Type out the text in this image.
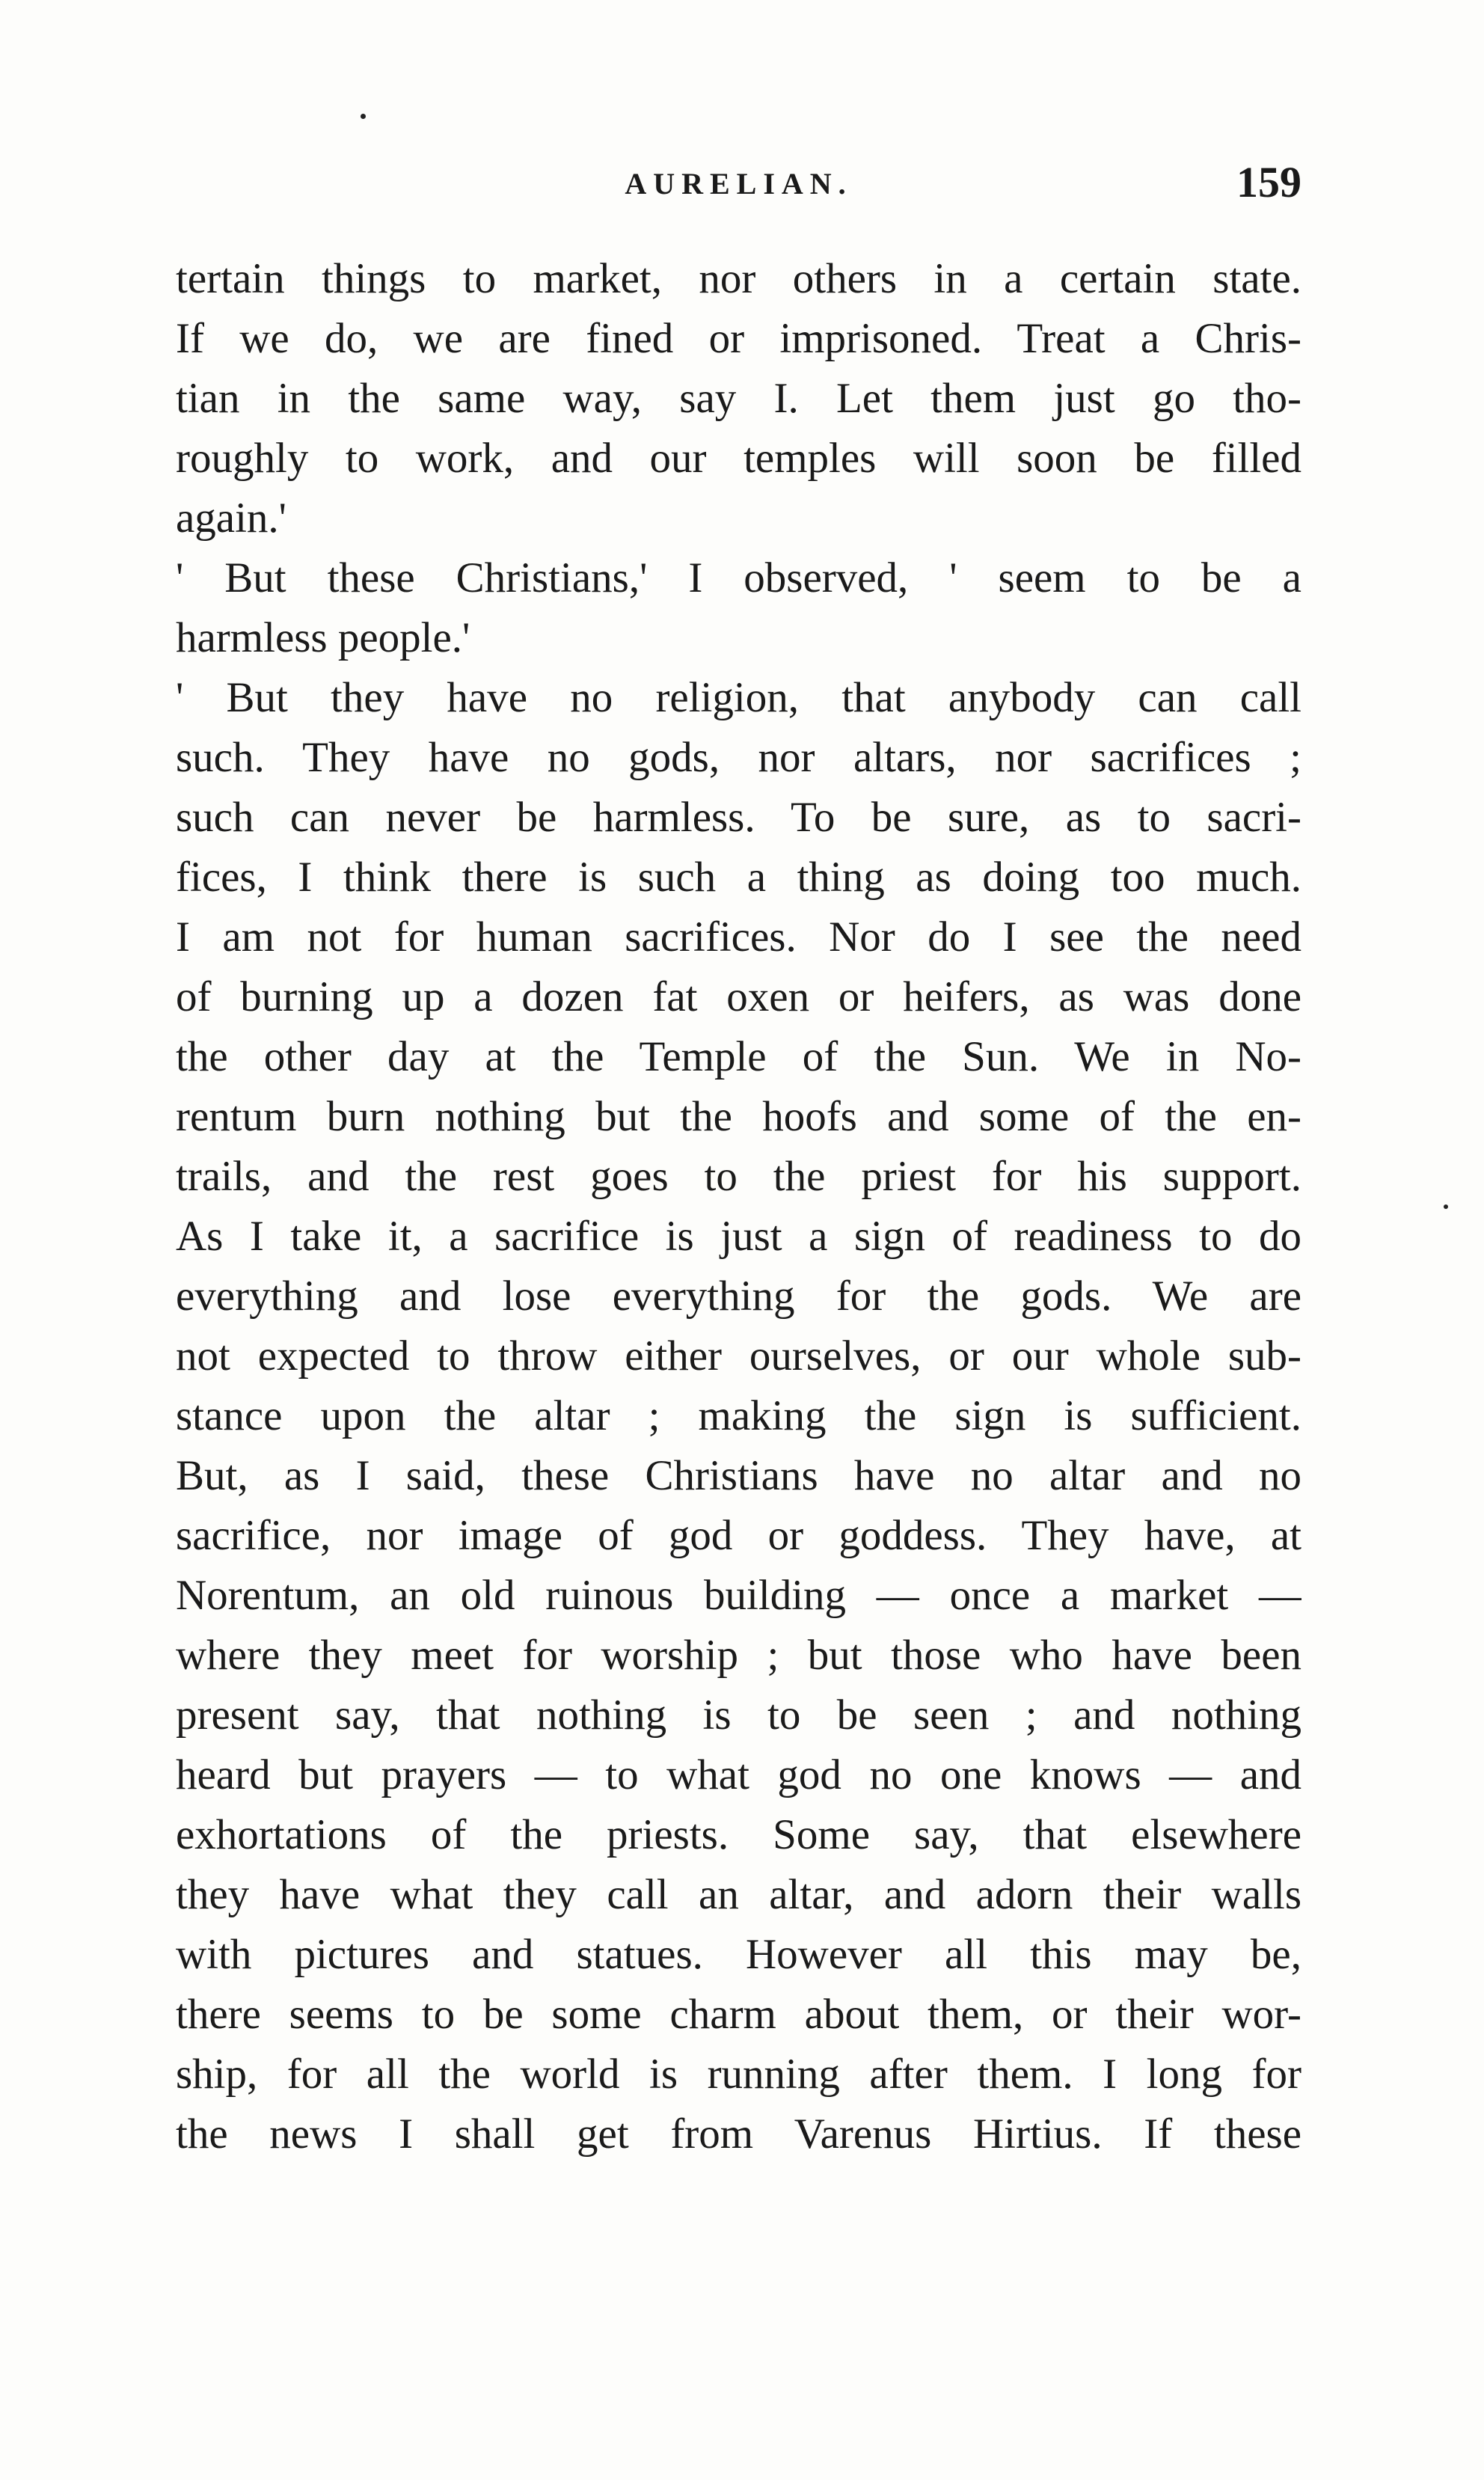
AURELIAN.	159
tertain things to market, nor others in a certain state.
If we do, we are fined or imprisoned. Treat a Chris-
tian in the same way, say I. Let them just go tho-
roughly to work, and our temples will soon be filled
again.'
' But these Christians,' I observed, ' seem to be a
harmless people.'
' But they have no religion, that anybody can call
such. They have no gods, nor altars, nor sacrifices ;
such can never be harmless. To be sure, as to sacri-
fices, I think there is such a thing as doing too much.
I am not for human sacrifices. Nor do I see the need
of burning up a dozen fat oxen or heifers, as was done
the other day at the Temple of the Sun. We in No-
rentum burn nothing but the hoofs and some of the en-
trails, and the rest goes to the priest for his support.
As I take it, a sacrifice is just a sign of readiness to do
everything and lose everything for the gods. We are
not expected to throw either ourselves, or our whole sub-
stance upon the altar ; making the sign is sufficient.
But, as I said, these Christians have no altar and no
sacrifice, nor image of god or goddess. They have, at
Norentum, an old ruinous building — once a market —
where they meet for worship ; but those who have been
present say, that nothing is to be seen ; and nothing
heard but prayers — to what god no one knows — and
exhortations of the priests. Some say, that elsewhere
they have what they call an altar, and adorn their walls
with pictures and statues. However all this may be,
there seems to be some charm about them, or their wor-
ship, for all the world is running after them. I long for
the news I shall get from Varenus Hirtius. If these
